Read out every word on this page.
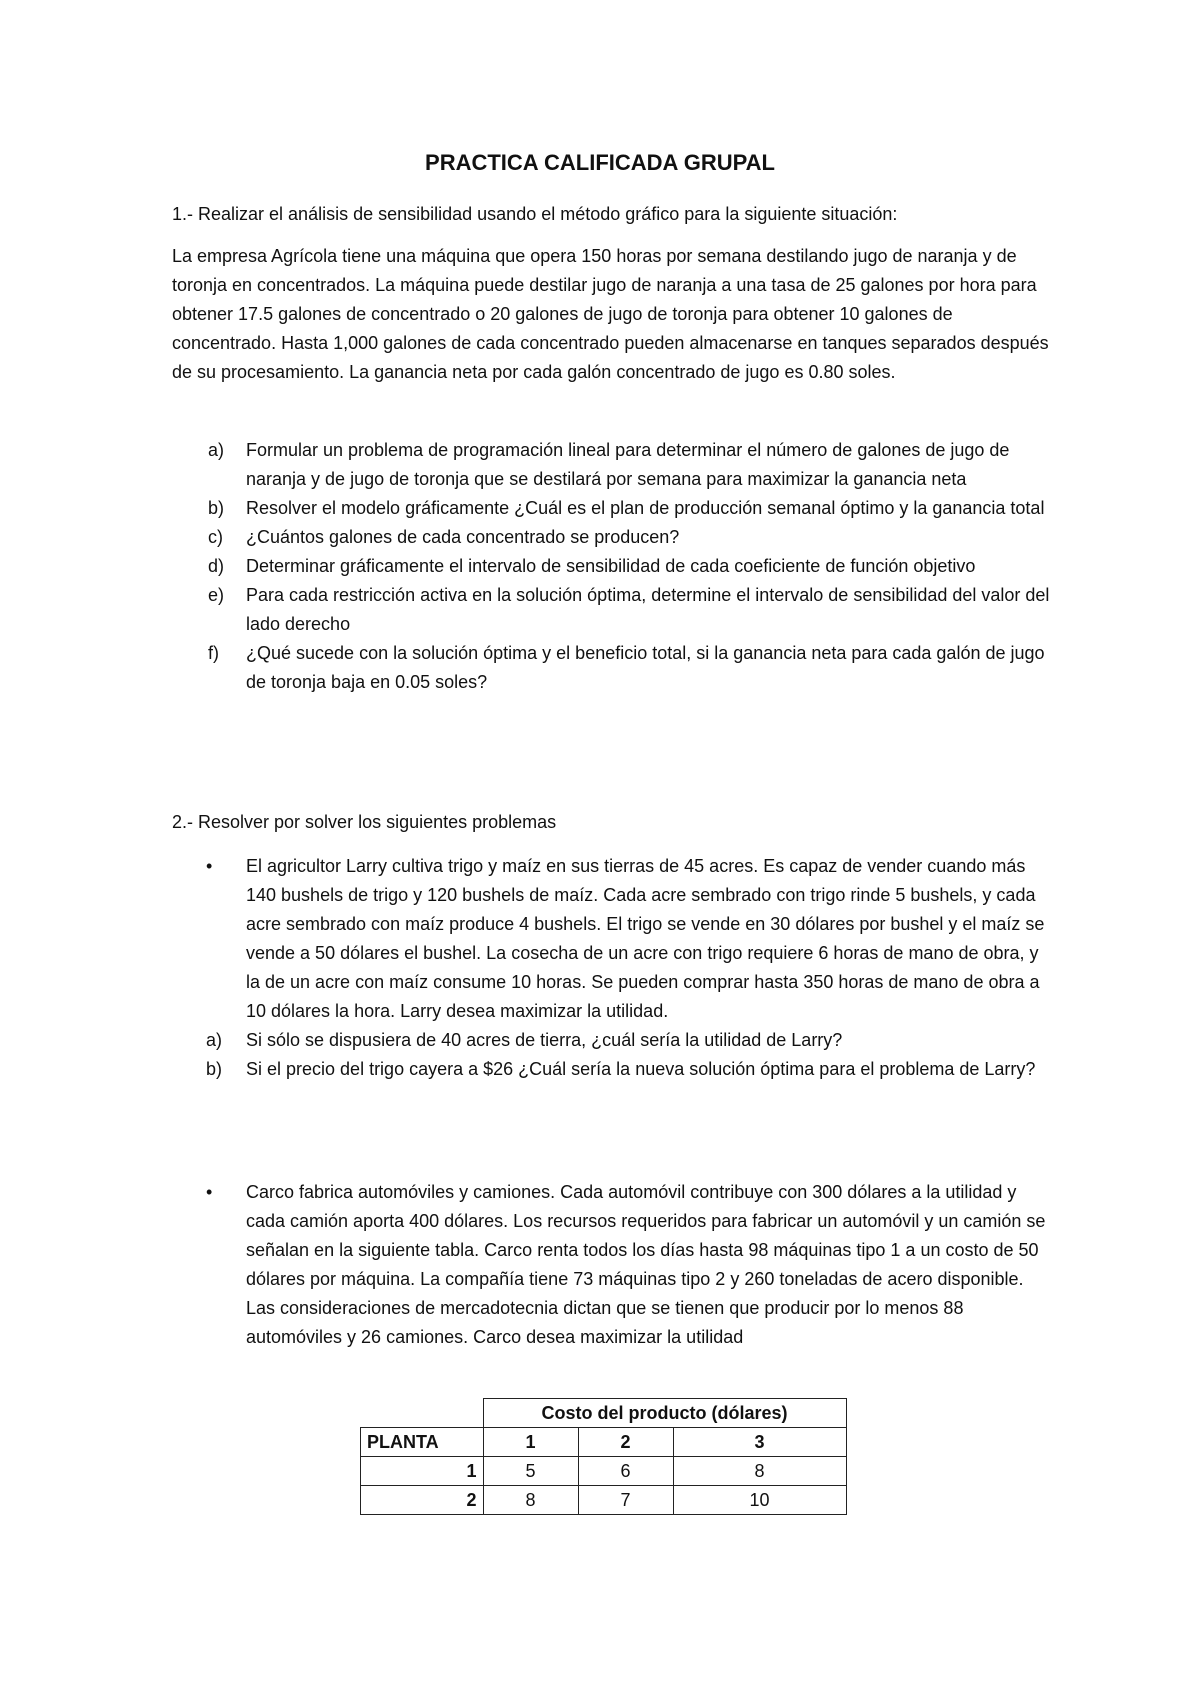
PRACTICA CALIFICADA GRUPAL

1.- Realizar el análisis de sensibilidad usando el método gráfico para la siguiente situación:

La empresa Agrícola tiene una máquina que opera 150 horas por semana destilando jugo de naranja y de toronja en concentrados. La máquina puede destilar jugo de naranja a una tasa de 25 galones por hora para obtener 17.5 galones de concentrado o 20 galones de jugo de toronja para obtener 10 galones de concentrado. Hasta 1,000 galones de cada concentrado pueden almacenarse en tanques separados después de su procesamiento. La ganancia neta por cada galón concentrado de jugo es 0.80 soles.

a) Formular un problema de programación lineal para determinar el número de galones de jugo de naranja y de jugo de toronja que se destilará por semana para maximizar la ganancia neta
b) Resolver el modelo gráficamente ¿Cuál es el plan de producción semanal óptimo y la ganancia total
c) ¿Cuántos galones de cada concentrado se producen?
d) Determinar gráficamente el intervalo de sensibilidad de cada coeficiente de función objetivo
e) Para cada restricción activa en la solución óptima, determine el intervalo de sensibilidad del valor del lado derecho
f) ¿Qué sucede con la solución óptima y el beneficio total, si la ganancia neta para cada galón de jugo de toronja baja en 0.05 soles?

2.- Resolver por solver los siguientes problemas

• El agricultor Larry cultiva trigo y maíz en sus tierras de 45 acres. Es capaz de vender cuando más 140 bushels de trigo y 120 bushels de maíz. Cada acre sembrado con trigo rinde 5 bushels, y cada acre sembrado con maíz produce 4 bushels. El trigo se vende en 30 dólares por bushel y el maíz se vende a 50 dólares el bushel. La cosecha de un acre con trigo requiere 6 horas de mano de obra, y la de un acre con maíz consume 10 horas. Se pueden comprar hasta 350 horas de mano de obra a 10 dólares la hora. Larry desea maximizar la utilidad.
a) Si sólo se dispusiera de 40 acres de tierra, ¿cuál sería la utilidad de Larry?
b) Si el precio del trigo cayera a $26 ¿Cuál sería la nueva solución óptima para el problema de Larry?
• Carco fabrica automóviles y camiones. Cada automóvil contribuye con 300 dólares a la utilidad y cada camión aporta 400 dólares. Los recursos requeridos para fabricar un automóvil y un camión se señalan en la siguiente tabla. Carco renta todos los días hasta 98 máquinas tipo 1 a un costo de 50 dólares por máquina. La compañía tiene 73 máquinas tipo 2 y 260 toneladas de acero disponible. Las consideraciones de mercadotecnia dictan que se tienen que producir por lo menos 88 automóviles y 26 camiones. Carco desea maximizar la utilidad
	Costo del producto (dólares)		
PLANTA	1	2	3
1	5	6	8
2	8	7	10
